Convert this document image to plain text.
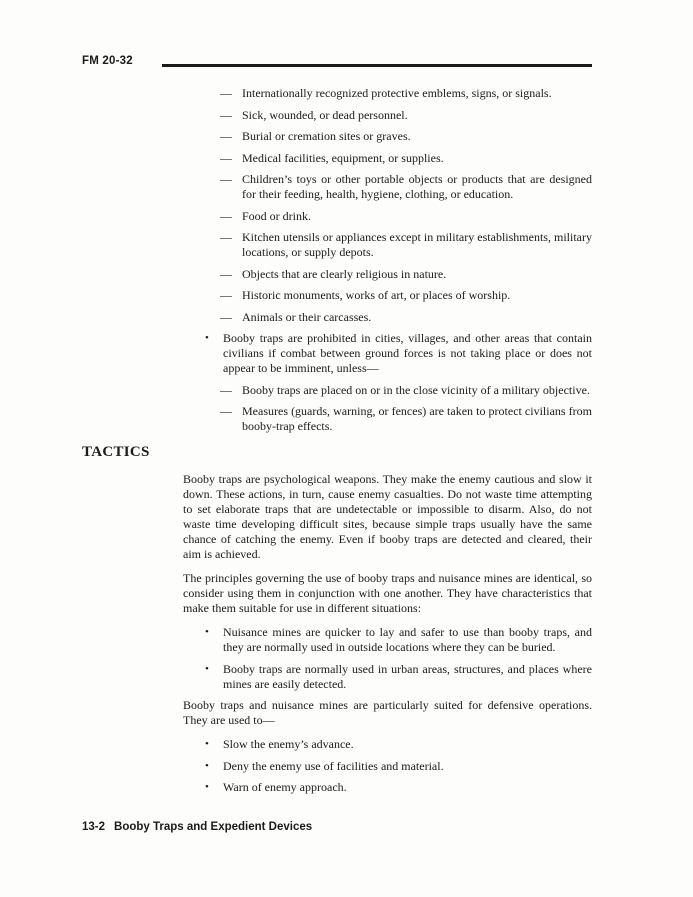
FM 20-32
— Internationally recognized protective emblems, signs, or signals.
— Sick, wounded, or dead personnel.
— Burial or cremation sites or graves.
— Medical facilities, equipment, or supplies.
— Children’s toys or other portable objects or products that are designed for their feeding, health, hygiene, clothing, or education.
— Food or drink.
— Kitchen utensils or appliances except in military establishments, military locations, or supply depots.
— Objects that are clearly religious in nature.
— Historic monuments, works of art, or places of worship.
— Animals or their carcasses.
•	Booby traps are prohibited in cities, villages, and other areas that contain civilians if combat between ground forces is not taking place or does not appear to be imminent, unless—
— Booby traps are placed on or in the close vicinity of a military objective.
— Measures (guards, warning, or fences) are taken to protect civilians from booby-trap effects.
TACTICS

Booby traps are psychological weapons. They make the enemy cautious and slow it down. These actions, in turn, cause enemy casualties. Do not waste time attempting to set elaborate traps that are undetectable or impossible to disarm. Also, do not waste time developing difficult sites, because simple traps usually have the same chance of catching the enemy. Even if booby traps are detected and cleared, their aim is achieved.

The principles governing the use of booby traps and nuisance mines are identical, so consider using them in conjunction with one another. They have characteristics that make them suitable for use in different situations:

•	Nuisance mines are quicker to lay and safer to use than booby traps, and they are normally used in outside locations where they can be buried.
•	Booby traps are normally used in urban areas, structures, and places where mines are easily detected.

Booby traps and nuisance mines are particularly suited for defensive operations. They are used to—

•	Slow the enemy’s advance.
•	Deny the enemy use of facilities and material.
•	Warn of enemy approach.
13-2 Booby Traps and Expedient Devices
